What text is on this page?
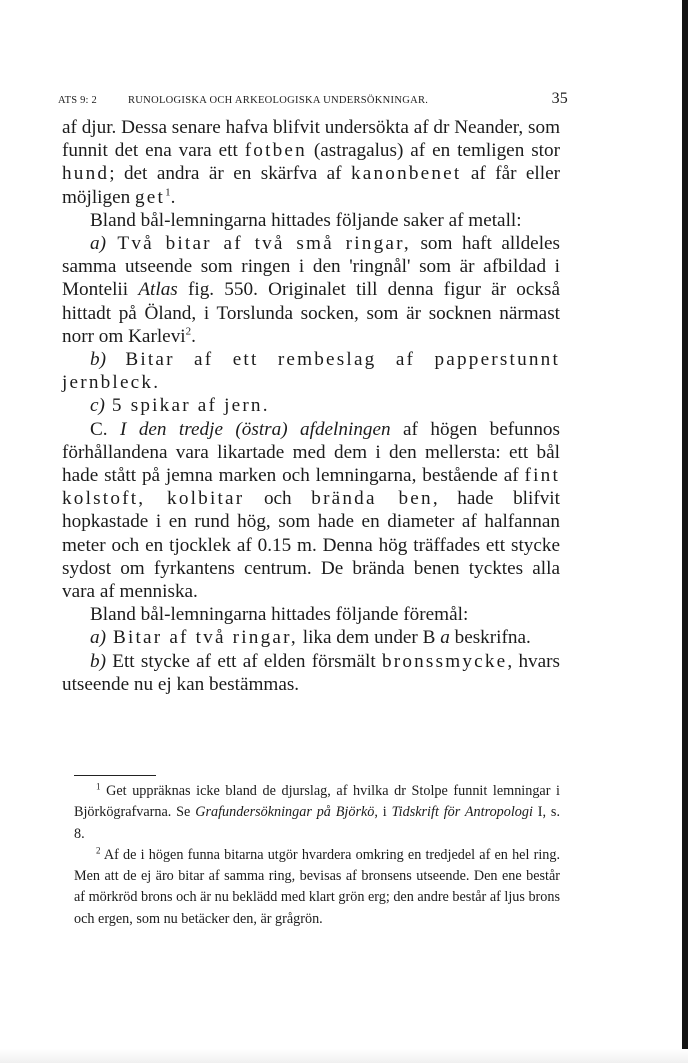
ATS 9: 2	RUNOLOGISKA OCH ARKEOLOGISKA UNDERSÖKNINGAR.	35

af djur. Dessa senare hafva blifvit undersökta af dr Neander, som funnit det ena vara ett fotben (astragalus) af en temligen stor hund; det andra är en skärfva af kanonbenet af får eller möjligen get$^1$.

Bland bål-lemningarna hittades följande saker af metall:

a) Två bitar af två små ringar, som haft alldeles samma utseende som ringen i den 'ringnål' som är afbildad i Montelii Atlas fig. 550. Originalet till denna figur är också hittadt på Öland, i Torslunda socken, som är socknen närmast norr om Karlevi$^2$.

b) Bitar af ett rembeslag af papperstunnt jernbleck.

c) 5 spikar af jern.

C. I den tredje (östra) afdelningen af högen befunnos förhållandena vara likartade med dem i den mellersta: ett bål hade stått på jemna marken och lemningarna, bestående af fint kolstoft, kolbitar och brända ben, hade blifvit hopkastade i en rund hög, som hade en diameter af halfannan meter och en tjocklek af 0.15 m. Denna hög träffades ett stycke sydost om fyrkantens centrum. De brända benen tycktes alla vara af menniska.

Bland bål-lemningarna hittades följande föremål:

a) Bitar af två ringar, lika dem under B a beskrifna.

b) Ett stycke af ett af elden försmält bronssmycke, hvars utseende nu ej kan bestämmas.

$^1$ Get uppräknas icke bland de djurslag, af hvilka dr Stolpe funnit lemningar i Björkögrafvarna. Se Grafundersökningar på Björkö, i Tidskrift för Antropologi I, s. 8.

$^2$ Af de i högen funna bitarna utgör hvardera omkring en tredjedel af en hel ring. Men att de ej äro bitar af samma ring, bevisas af bronsens utseende. Den ene består af mörkröd brons och är nu beklädd med klart grön erg; den andre består af ljus brons och ergen, som nu betäcker den, är grågrön.
